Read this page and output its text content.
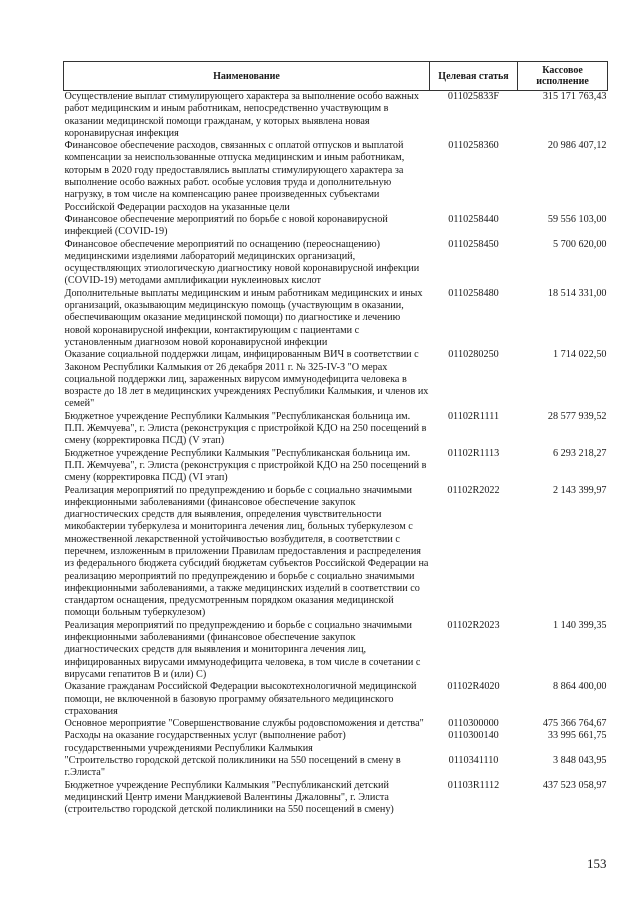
Наименование	Целевая статья	Кассовое исполнение
Осуществление выплат стимулирующего характера за выполнение особо важных работ медицинским и иным работникам, непосредственно участвующим в оказании медицинской помощи гражданам, у которых выявлена новая коронавирусная инфекция	011025833F	315 171 763,43
Финансовое обеспечение расходов, связанных с оплатой отпусков и выплатой компенсации за неиспользованные отпуска медицинским и иным работникам, которым в 2020 году предоставлялись выплаты стимулирующего характера за выполнение особо важных работ. особые условия труда и дополнительную нагрузку, в том числе на компенсацию ранее произведенных субъектами Российской Федерации расходов на указанные цели	0110258360	20 986 407,12
Финансовое обеспечение мероприятий по борьбе с новой коронавирусной инфекцией (COVID-19)	0110258440	59 556 103,00
Финансовое обеспечение мероприятий по оснащению (переоснащению) медицинскими изделиями лабораторий медицинских организаций, осуществляющих этиологическую диагностику новой коронавирусной инфекции (COVID-19) методами амплификации нуклеиновых кислот	0110258450	5 700 620,00
Дополнительные выплаты медицинским и иным работникам медицинских и иных организаций, оказывающим медицинскую помощь (участвующим в оказании, обеспечивающим оказание медицинской помощи) по диагностике и лечению новой коронавирусной инфекции, контактирующим с пациентами с установленным диагнозом новой коронавирусной инфекции	0110258480	18 514 331,00
Оказание социальной поддержки лицам, инфицированным ВИЧ в соответствии с Законом Республики Калмыкия от 26 декабря 2011 г. № 325-IV-З "О мерах социальной поддержки лиц, зараженных вирусом иммунодефицита человека в возрасте до 18 лет в медицинских учреждениях Республики Калмыкия, и членов их семей"	0110280250	1 714 022,50
Бюджетное учреждение Республики Калмыкия "Республиканская больница им. П.П. Жемчуева", г. Элиста (реконструкция с пристройкой КДО на 250 посещений в смену (корректировка ПСД) (V этап)	01102R1111	28 577 939,52
Бюджетное учреждение Республики Калмыкия "Республиканская больница им. П.П. Жемчуева", г. Элиста (реконструкция с пристройкой КДО на 250 посещений в смену (корректировка ПСД) (VI этап)	01102R1113	6 293 218,27
Реализация мероприятий по предупреждению и борьбе с социально значимыми инфекционными заболеваниями (финансовое обеспечение закупок диагностических средств для выявления, определения чувствительности микобактерии туберкулеза и мониторинга лечения лиц, больных туберкулезом с множественной лекарственной устойчивостью возбудителя, в соответствии с перечнем, изложенным в приложении Правилам предоставления и распределения из федерального бюджета субсидий бюджетам субъектов Российской Федерации на реализацию мероприятий по предупреждению и борьбе с социально значимыми инфекционными заболеваниями, а также медицинских изделий в соответствии со стандартом оснащения, предусмотренным порядком оказания медицинской помощи больным туберкулезом)	01102R2022	2 143 399,97
Реализация мероприятий по предупреждению и борьбе с социально значимыми инфекционными заболеваниями (финансовое обеспечение закупок диагностических средств для выявления и мониторинга лечения лиц, инфицированных вирусами иммунодефицита человека, в том числе в сочетании с вирусами гепатитов В и (или) С)	01102R2023	1 140 399,35
Оказание гражданам Российской Федерации высокотехнологичной медицинской помощи, не включенной в базовую программу обязательного медицинского страхования	01102R4020	8 864 400,00
Основное мероприятие "Совершенствование службы родовспоможения и детства"	0110300000	475 366 764,67
Расходы на оказание государственных услуг (выполнение работ) государственными учреждениями Республики Калмыкия	0110300140	33 995 661,75
"Строительство городской детской поликлиники на 550 посещений в смену в г.Элиста"	0110341110	3 848 043,95
Бюджетное учреждение Республики Калмыкия "Республиканский детский медицинский Центр имени Манджиевой Валентины Джаловны", г. Элиста (строительство городской детской поликлиники на 550 посещений в смену)	01103R1112	437 523 058,97
153
